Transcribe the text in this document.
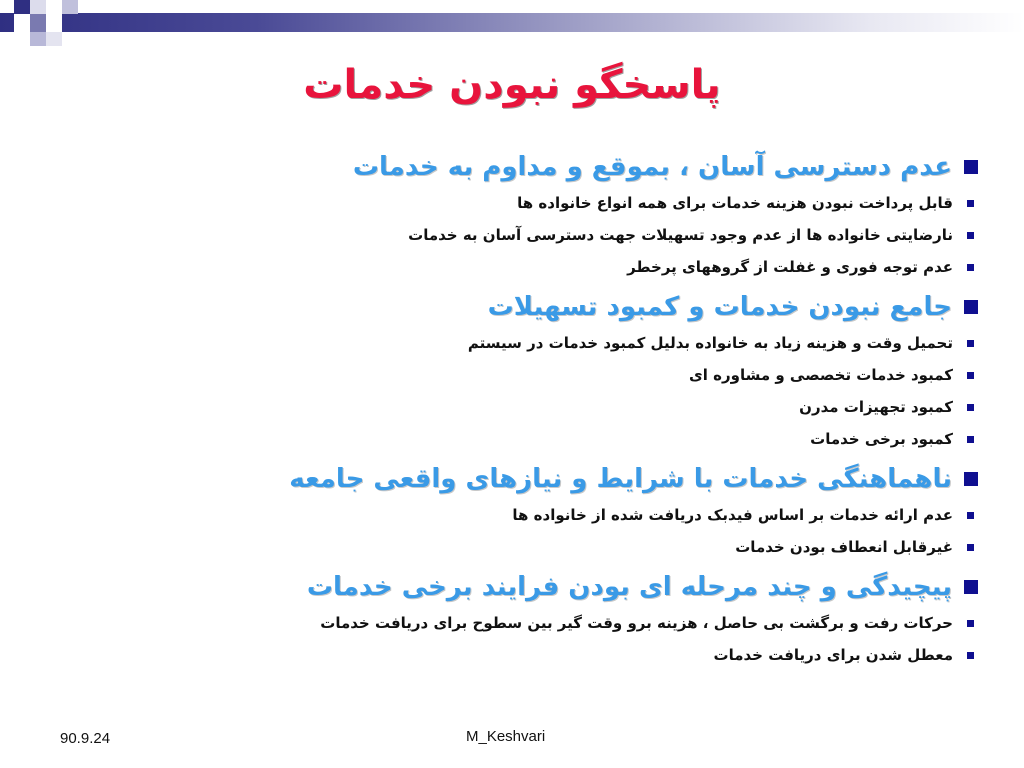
پاسخگو نبودن خدمات
عدم دسترسی آسان ، بموقع و مداوم به خدمات
قابل پرداخت نبودن هزینه خدمات برای همه انواع خانواده ها
نارضایتی خانواده ها از عدم وجود تسهیلات جهت دسترسی آسان به خدمات
عدم توجه فوری و غفلت از گروههای پرخطر
جامع نبودن خدمات و کمبود تسهیلات
تحمیل وقت و هزینه زیاد به خانواده بدلیل کمبود خدمات در سیستم
کمبود خدمات تخصصی و مشاوره ای
کمبود تجهیزات مدرن
کمبود برخی خدمات
ناهماهنگی خدمات با شرایط و نیازهای واقعی جامعه
عدم ارائه خدمات بر اساس فیدبک دریافت شده از خانواده ها
غیرقابل انعطاف بودن خدمات
پیچیدگی و چند مرحله ای بودن فرایند برخی خدمات
حرکات رفت و برگشت بی حاصل ، هزینه برو وقت گیر بین سطوح برای دریافت خدمات
معطل شدن برای دریافت خدمات
90.9.24	M_Keshvari
